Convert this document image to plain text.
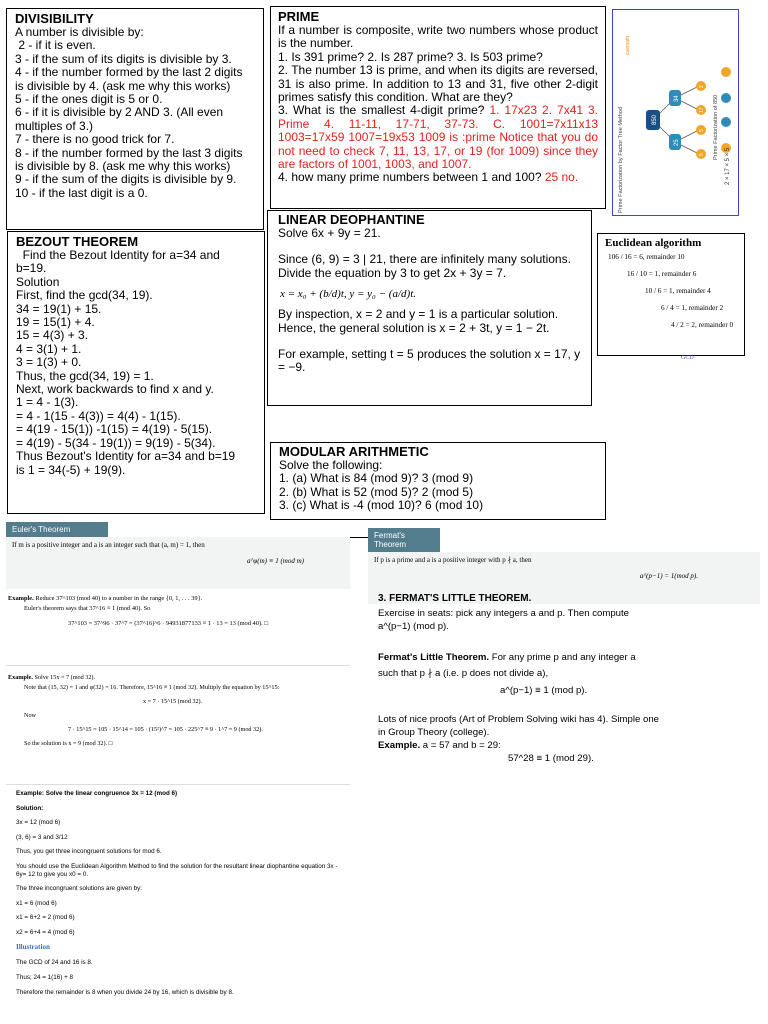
DIVISIBILITY
A number is divisible by:
2 - if it is even.
3 - if the sum of its digits is divisible by 3.
4 - if the number formed by the last 2 digits
is divisible by 4. (ask me why this works)
5 - if the ones digit is 5 or 0.
6 - if it is divisible by 2 AND 3. (All even
multiples of 3.)
7 - there is no good trick for 7.
8 - if the number formed by the last 3 digits
is divisible by 8. (ask me why this works)
9 - if the sum of the digits is divisible by 9.
10 - if the last digit is a 0.
PRIME
If a number is composite, write two numbers whose product is the number.
1. Is 391 prime? 2. Is 287 prime? 3. Is 503 prime?
2. The number 13 is prime, and when its digits are reversed, 31 is also prime. In addition to 13 and 31, five other 2-digit primes satisfy this condition. What are they?
3. What is the smallest 4-digit prime? 1. 17x23 2. 7x41 3. Prime 4. 11-11, 17-71, 37-73. C. 1001=7x11x13 1003=17x59 1007=19x53 1009 is :prime Notice that you do not need to check 7, 11, 13, 17, or 19 (for 1009) since they are factors of 1001, 1003, and 1007.
4. how many prime numbers between 1 and 100? 25 no.	Prime Factorization by Factor Tree Method	Prime Factorization of 850
cuemath
850
34
25
2
17
5
5	2 × 17 × 5 × 5
BEZOUT THEOREM
Find the Bezout Identity for a=34 and
b=19.
Solution
First, find the gcd(34, 19).
34 = 19(1) + 15.
19 = 15(1) + 4.
15 = 4(3) + 3.
4 = 3(1) + 1.
3 = 1(3) + 0.
Thus, the gcd(34, 19) = 1.
Next, work backwards to find x and y.
1 = 4 - 1(3).
= 4 - 1(15 - 4(3)) = 4(4) - 1(15).
= 4(19 - 15(1)) -1(15) = 4(19) - 5(15).
= 4(19) - 5(34 - 19(1)) = 9(19) - 5(34).
Thus Bezout's Identity for a=34 and b=19
is 1 = 34(-5) + 19(9).
LINEAR DEOPHANTINE
Solve 6x + 9y = 21.
Since (6, 9) = 3 | 21, there are infinitely many solutions. Divide the equation by 3 to get 2x + 3y = 7.
x = x₀ + (b/d)t, y = y₀ − (a/d)t.
By inspection, x = 2 and y = 1 is a particular solution. Hence, the general solution is x = 2 + 3t, y = 1 − 2t.
For example, setting t = 5 produces the solution x = 17, y = −9.
Euclidean algorithm
106 / 16 = 6, remainder 10
16 / 10 = 1, remainder 6
10 / 6 = 1, remainder 4
6 / 4 = 1, remainder 2
4 / 2 = 2, remainder 0
GCD
MODULAR ARITHMETIC
Solve the following:
1. (a) What is 84 (mod 9)? 3 (mod 9)
2. (b) What is 52 (mod 5)? 2 (mod 5)
3. (c) What is -4 (mod 10)? 6 (mod 10)
Euler's Theorem
If m is a positive integer and a is an integer such that (a, m) = 1, then
a^φ(m) ≡ 1 (mod m)
Example. Reduce 37^103 (mod 40) to a number in the range {0, 1, . . . 39}.
Euler's theorem says that 37^16 ≡ 1 (mod 40). So
37^103 = 37^96 · 37^7 = (37^16)^6 · 94931877133 ≡ 1 · 13 = 13 (mod 40). □
Example. Solve 15x = 7 (mod 32).
Note that (15, 32) = 1 and φ(32) = 16. Therefore, 15^16 ≡ 1 (mod 32). Multiply the equation by 15^15:
x = 7 · 15^15 (mod 32).
Now
7 · 15^15 = 105 · 15^14 = 105 · (15²)^7 = 105 · 225^7 ≡ 9 · 1^7 = 9 (mod 32).
So the solution is x = 9 (mod 32). □
Example: Solve the linear congruence 3x = 12 (mod 6)
Solution:
3x = 12 (mod 6)
(3, 6) = 3 and 3/12
Thus, you get three incongruent solutions for mod 6.
You should use the Euclidean Algorithm Method to find the solution for the resultant linear diophantine equation 3x - 6y= 12 to give you x0 = 0.
The three incongruent solutions are given by:
x1 = 6 (mod 6)
x1 = 6+2 = 2 (mod 6)
x2 = 6+4 = 4 (mod 6)
Illustration
The GCD of 24 and 16 is 8.
Thus; 24 = 1(16) + 8
Therefore the remainder is 8 when you divide 24 by 16, which is divisible by 8.
Fermat's Theorem
If p is a prime and a is a positive integer with p ∤ a, then
a^(p−1) = 1(mod p).
3. FERMAT'S LITTLE THEOREM.
Exercise in seats: pick any integers a and p. Then compute
a^(p−1) (mod p).
Fermat's Little Theorem. For any prime p and any integer a
such that p ∤ a (i.e. p does not divide a),
a^(p−1) ≡ 1 (mod p).
Lots of nice proofs (Art of Problem Solving wiki has 4). Simple one
in Group Theory (college).
Example. a = 57 and b = 29:
57^28 ≡ 1 (mod 29).
